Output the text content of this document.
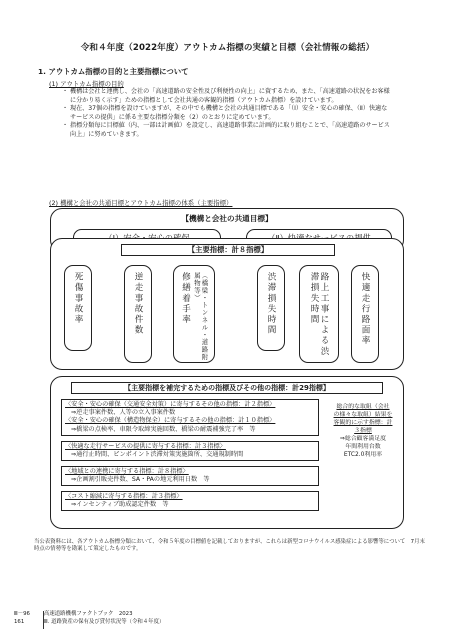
令和４年度（2022年度）アウトカム指標の実績と目標（会社情報の総括）
1. アウトカム指標の目的と主要指標について
(1) アウトカム指標の目的
・ 機構は会社と連携し、会社の「高速道路の安全性及び利便性の向上」に資するため、また、「高速道路の状況をお客様に分かり易く示す」ための指標として会社共通の客観的指標（アウトカム指標）を設けています。
・ 現在、37個の指標を設けていますが、その中でも機構と会社の共通目標である「（Ⅰ）安全・安心の確保、（Ⅱ）快適なサービスの提供」に係る主要な指標分類を（2）のとおりに定めています。
・ 指標分類毎に目標値（内、一部は計画値）を設定し、高速道路事業に計画的に取り組むことで、「高速道路のサービス向上」に努めていきます。
(2) 機構と会社の共通目標とアウトカム指標の体系（主要指標）
【機構と会社の共通目標】
【主要指標：計８指標】
死傷事故率	逆走事故件数	修繕着手率	（橋梁・トンネル・道路附属物等）	渋滞損失時間	路上工事による渋滞損失時間	快適走行路面率
【主要指標を補完するための指標及びその他の指標：計29指標】
〈安全・安心の確保（交通安全対策）に寄与するその他の指標：計２指標〉
⇒逆走事案件数、人等の立入事案件数
〈安全・安心の確保（構造物保全）に寄与するその他の指標：計１０指標〉
⇒橋梁の点検率、車限令取締実施回数、橋梁の耐震補強完了率　等
〈快適な走行サービスの提供に寄与する指標：計３指標〉
⇒通行止時間、ピンポイント渋滞対策実施箇所、交通規制時間
〈地域との連携に寄与する指標：計８指標〉
⇒企画割引販売件数、SA・PAの地元利用日数　等
〈コスト縮減に寄与する指標：計３指標〉
⇒インセンティブ助成認定件数　等
総合的な取組（会社
の様々な取組）結果を
客観的に示す指標：計
３指標
⇒総合顧客満足度
年間利用台数
ETC2.0利用率
当公表資料には、各アウトカム指標分類において、令和５年度の目標値を記載しておりますが、これらは新型コロナウイルス感染症による影響等について　7月末時点の情勢等を勘案して策定したものです。
Ⅲ－96	高速道路機構ファクトブック　2023
161	Ⅲ. 道路資産の保有及び貸付状況等（令和４年度）
